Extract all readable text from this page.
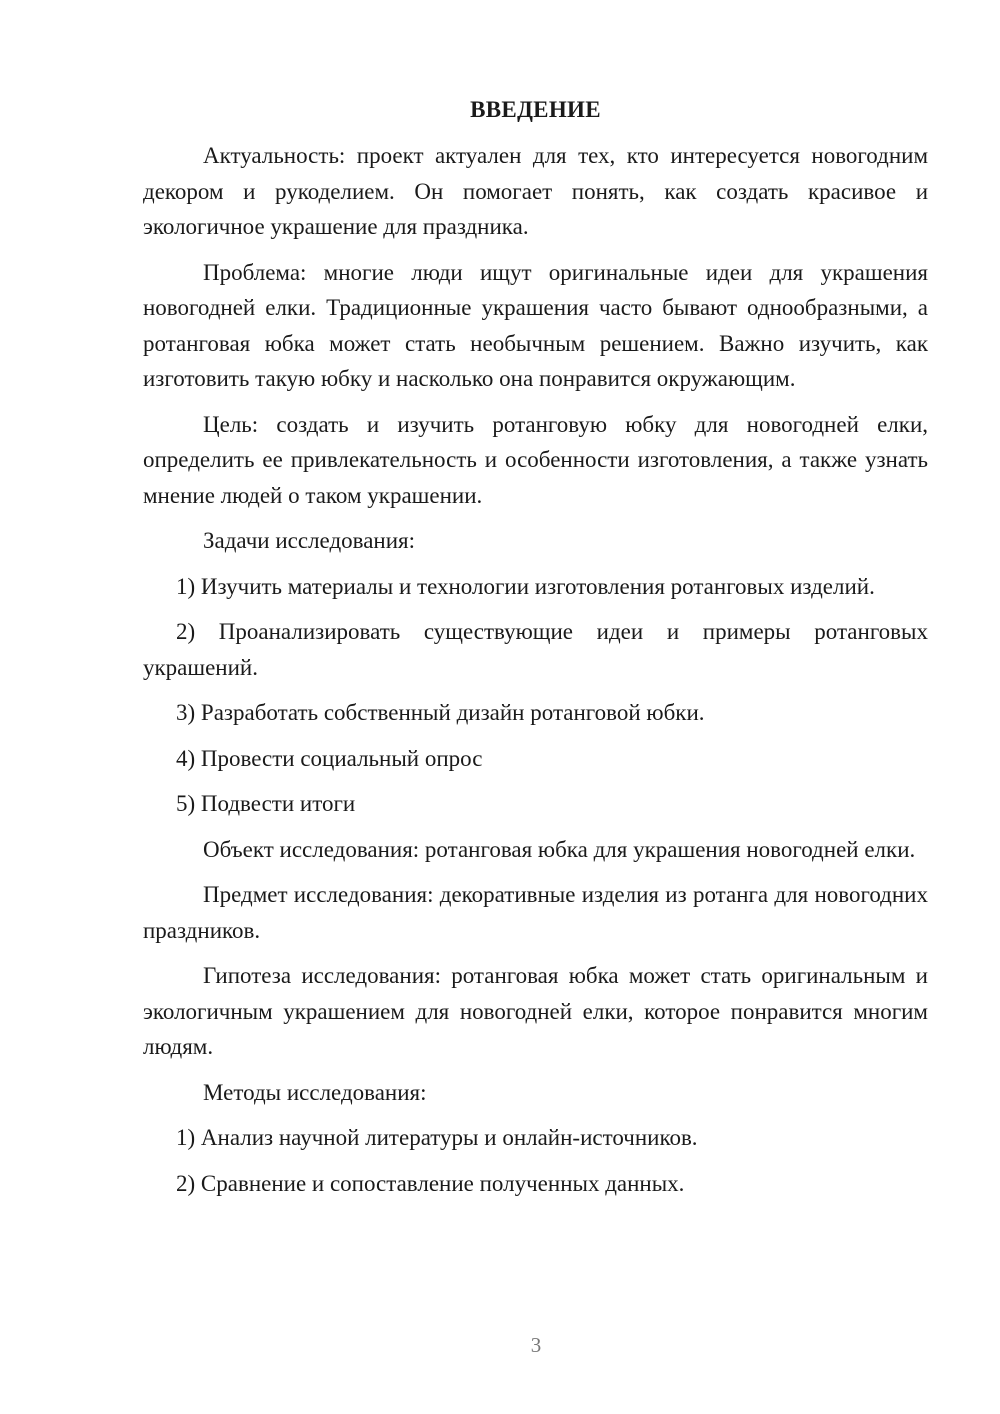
ВВЕДЕНИЕ

Актуальность: проект актуален для тех, кто интересуется новогодним декором и рукоделием. Он помогает понять, как создать красивое и экологичное украшение для праздника.

Проблема: многие люди ищут оригинальные идеи для украшения новогодней елки. Традиционные украшения часто бывают однообразными, а ротанговая юбка может стать необычным решением. Важно изучить, как изготовить такую юбку и насколько она понравится окружающим.

Цель: создать и изучить ротанговую юбку для новогодней елки, определить ее привлекательность и особенности изготовления, а также узнать мнение людей о таком украшении.

Задачи исследования:

1) Изучить материалы и технологии изготовления ротанговых изделий.

2) Проанализировать существующие идеи и примеры ротанговых украшений.

3) Разработать собственный дизайн ротанговой юбки.

4) Провести социальный опрос

5) Подвести итоги

Объект исследования: ротанговая юбка для украшения новогодней елки.

Предмет исследования: декоративные изделия из ротанга для новогодних праздников.

Гипотеза исследования: ротанговая юбка может стать оригинальным и экологичным украшением для новогодней елки, которое понравится многим людям.

Методы исследования:

1) Анализ научной литературы и онлайн-источников.

2) Сравнение и сопоставление полученных данных.

3
